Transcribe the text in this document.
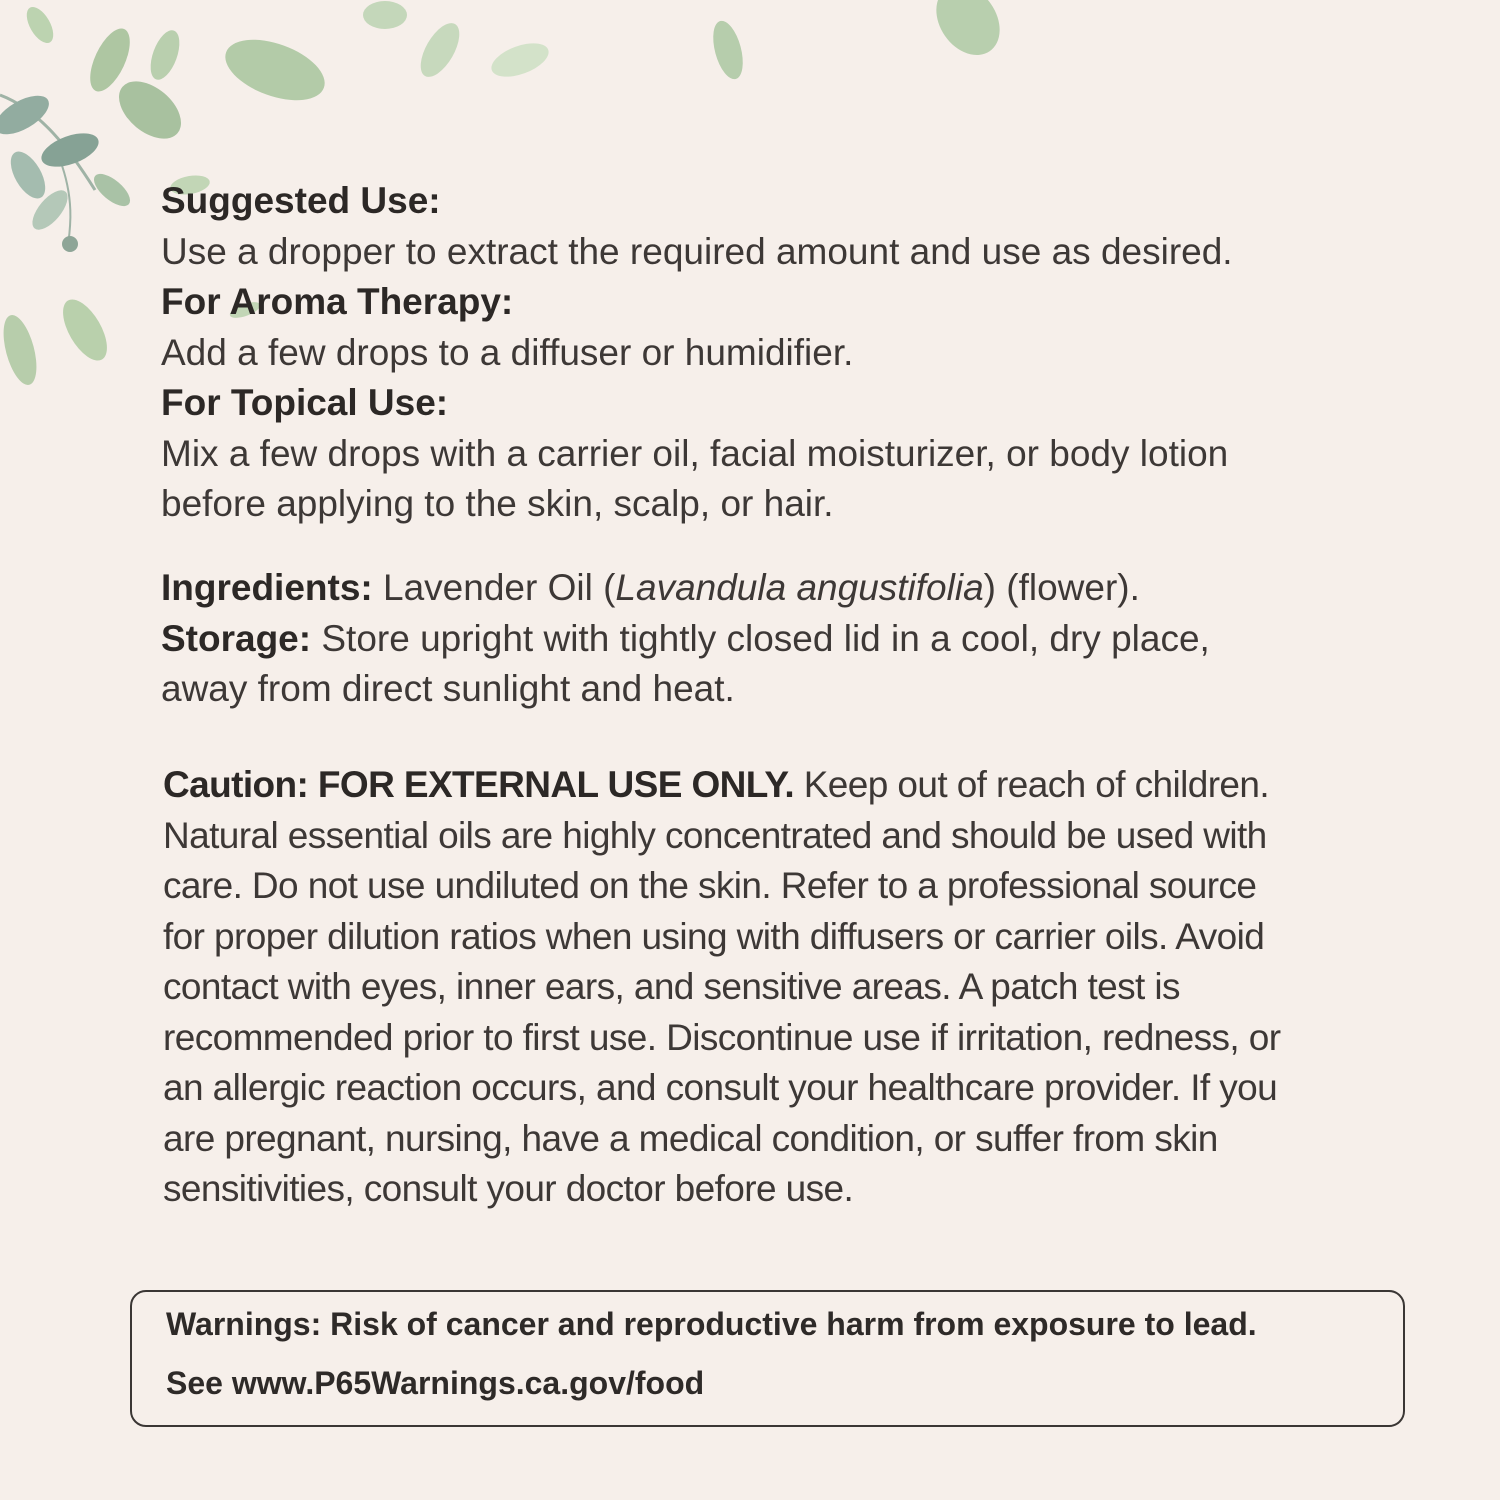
Suggested Use:
Use a dropper to extract the required amount and use as desired.
For Aroma Therapy:
Add a few drops to a diffuser or humidifier.
For Topical Use:
Mix a few drops with a carrier oil, facial moisturizer, or body lotion
before applying to the skin, scalp, or hair.
Ingredients: Lavender Oil (Lavandula angustifolia) (flower).
Storage: Store upright with tightly closed lid in a cool, dry place,
away from direct sunlight and heat.
Caution: FOR EXTERNAL USE ONLY. Keep out of reach of children.
Natural essential oils are highly concentrated and should be used with
care. Do not use undiluted on the skin. Refer to a professional source
for proper dilution ratios when using with diffusers or carrier oils. Avoid
contact with eyes, inner ears, and sensitive areas. A patch test is
recommended prior to first use. Discontinue use if irritation, redness, or
an allergic reaction occurs, and consult your healthcare provider. If you
are pregnant, nursing, have a medical condition, or suffer from skin
sensitivities, consult your doctor before use.
Warnings: Risk of cancer and reproductive harm from exposure to lead.
See www.P65Warnings.ca.gov/food
